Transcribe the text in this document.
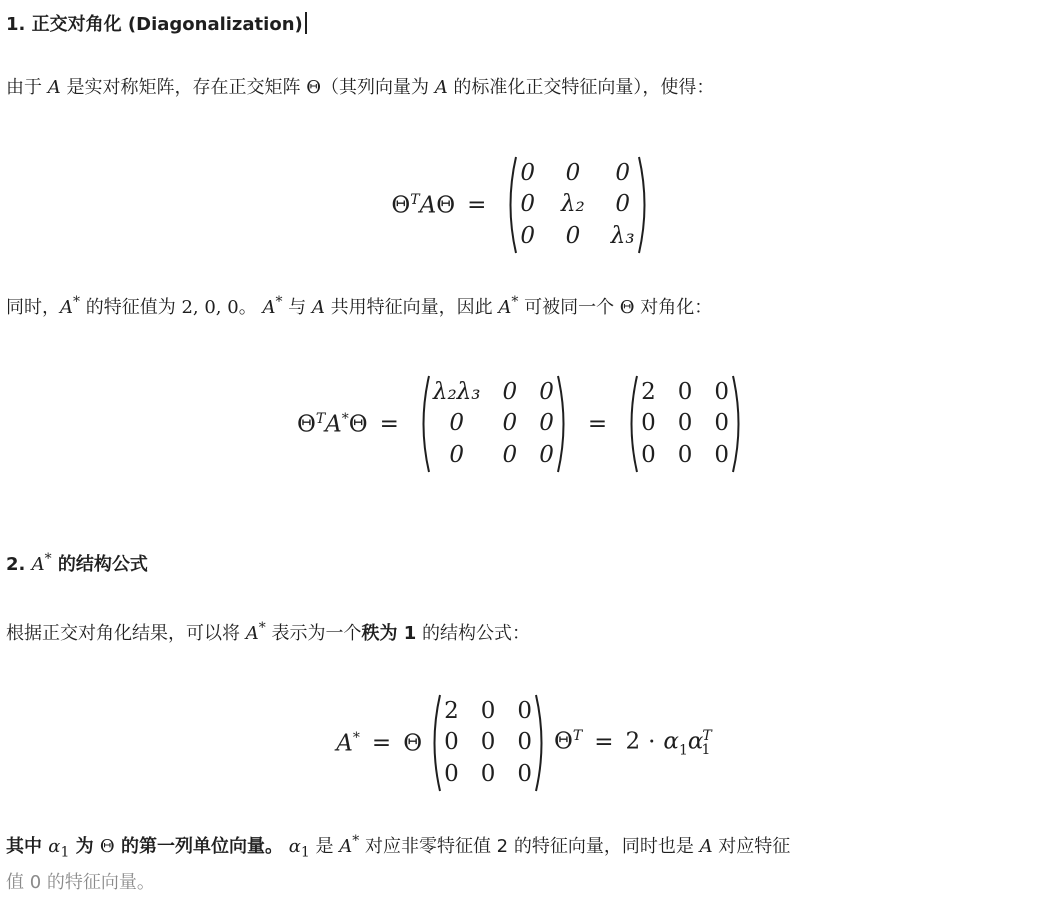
1. 正交对角化 (Diagonalization)
由于 A 是实对称矩阵，存在正交矩阵 Θ（其列向量为 A 的标准化正交特征向量），使得：
$\Theta^TA\Theta$ =
0 0 0
0 λ₂ 0
0 0 λ₃
同时，A* 的特征值为 2, 0, 0。 A* 与 A 共用特征向量，因此 A* 可被同一个 Θ 对角化：
$\Theta^TA^*\Theta$ =
λ₂λ₃ 0 0
0	0 0
0	0 0
=
2 0 0
0 0 0
0 0 0
2. A* 的结构公式
根据正交对角化结果，可以将 A* 表示为一个秩为 1 的结构公式：
A* = Θ
2 0 0
0 0 0
0 0 0
$\Theta^T = 2 \cdot \alpha_1\alpha_1^T$
其中 $\alpha_1$ 为 Θ 的第一列单位向量。 $\alpha_1$ 是 A* 对应非零特征值 2 的特征向量，同时也是 A 对应特征
值 0 的特征向量。
